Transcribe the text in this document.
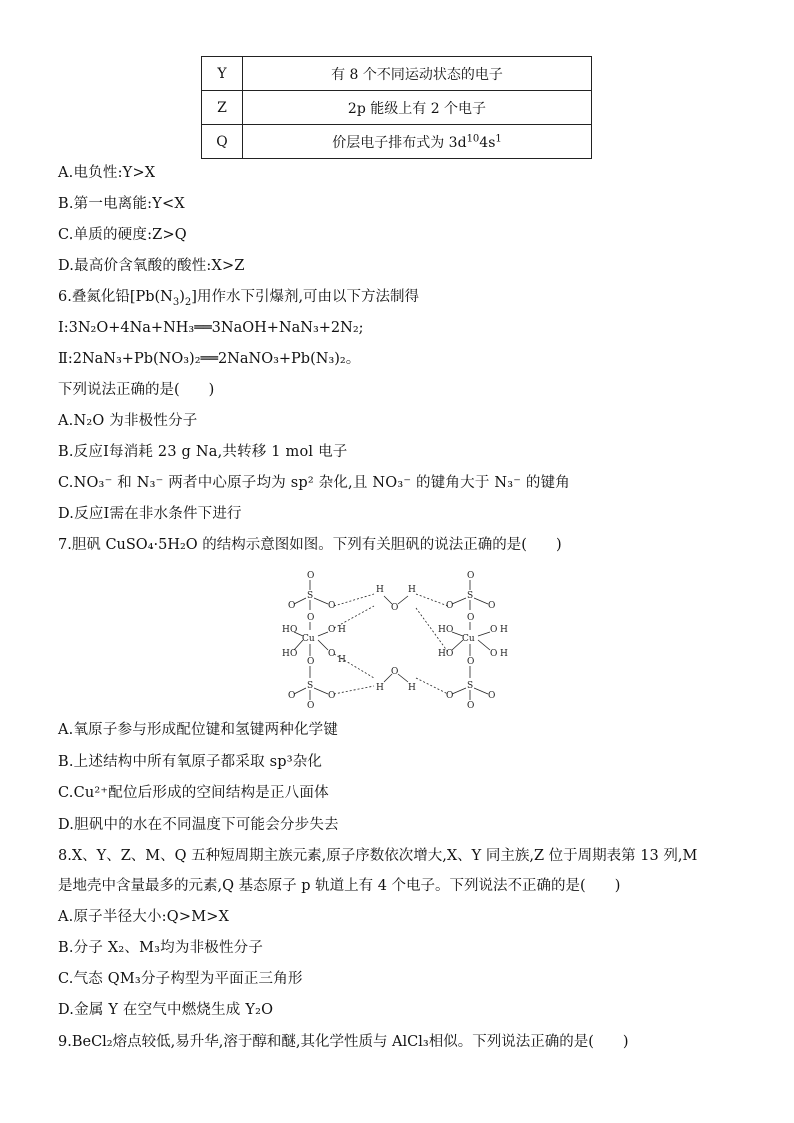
Y	有 8 个不同运动状态的电子
Z	2p 能级上有 2 个电子
Q	价层电子排布式为 $3d^{10}4s^1$
A.电负性:Y>X
B.第一电离能:Y<X
C.单质的硬度:Z>Q
D.最高价含氧酸的酸性:X>Z
6.叠氮化铅$[Pb(N_3)_2]$用作水下引爆剂,可由以下方法制得
Ⅰ:3N₂O+4Na+NH₃══3NaOH+NaN₃+2N₂;
Ⅱ:2NaN₃+Pb(NO₃)₂══2NaNO₃+Pb(N₃)₂。
下列说法正确的是(　　)
A.N₂O 为非极性分子
B.反应Ⅰ每消耗 23 g Na,共转移 1 mol 电子
C.NO₃⁻ 和 N₃⁻ 两者中心原子均为 sp² 杂化,且 NO₃⁻ 的键角大于 N₃⁻ 的键角
D.反应Ⅰ需在非水条件下进行
7.胆矾 CuSO₄·5H₂O 的结构示意图如图。下列有关胆矾的说法正确的是(　　)
O
S
O	O
O
Cu
H O
H O
O H
O
H
O
S
O	O
O
H
O
H
H
O
H
O
S
O	O
O
Cu
H O
H O
O H
O H
O
S
O	O
O
A.氧原子参与形成配位键和氢键两种化学键
B.上述结构中所有氧原子都采取 sp³杂化
C.Cu²⁺配位后形成的空间结构是正八面体
D.胆矾中的水在不同温度下可能会分步失去
8.X、Y、Z、M、Q 五种短周期主族元素,原子序数依次增大,X、Y 同主族,Z 位于周期表第 13 列,M
是地壳中含量最多的元素,Q 基态原子 p 轨道上有 4 个电子。下列说法不正确的是(　　)
A.原子半径大小:Q>M>X
B.分子 X₂、M₃均为非极性分子
C.气态 QM₃分子构型为平面正三角形
D.金属 Y 在空气中燃烧生成 Y₂O
9.BeCl₂熔点较低,易升华,溶于醇和醚,其化学性质与 AlCl₃相似。下列说法正确的是(　　)
